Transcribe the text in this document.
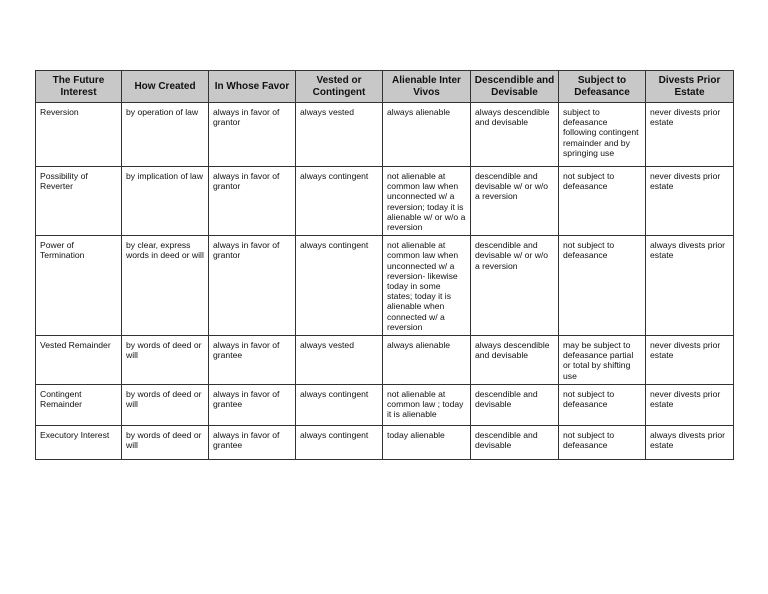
The Future Interest	How Created	In Whose Favor	Vested or Contingent	Alienable Inter Vivos	Descendible and Devisable	Subject to Defeasance	Divests Prior Estate
Reversion	by operation of law	always in favor of grantor	always vested	always alienable	always descendible and devisable	subject to defeasance following contingent remainder and by springing use	never divests prior estate
Possibility of Reverter	by implication of law	always in favor of grantor	always contingent	not alienable at common law when unconnected w/ a reversion; today it is alienable w/ or w/o a reversion	descendible and devisable w/ or w/o a reversion	not subject to defeasance	never divests prior estate
Power of Termination	by clear, express words in deed or will	always in favor of grantor	always contingent	not alienable at common law when unconnected w/ a reversion- likewise today in some states; today it is alienable when connected w/ a reversion	descendible and devisable w/ or w/o a reversion	not subject to defeasance	always divests prior estate
Vested Remainder	by words of deed or will	always in favor of grantee	always vested	always alienable	always descendible and devisable	may be subject to defeasance partial or total by shifting use	never divests prior estate
Contingent Remainder	by words of deed or will	always in favor of grantee	always contingent	not alienable at common law ; today it is alienable	descendible and devisable	not subject to defeasance	never divests prior estate
Executory Interest	by words of deed or will	always in favor of grantee	always contingent	today alienable	descendible and devisable	not subject to defeasance	always divests prior estate
